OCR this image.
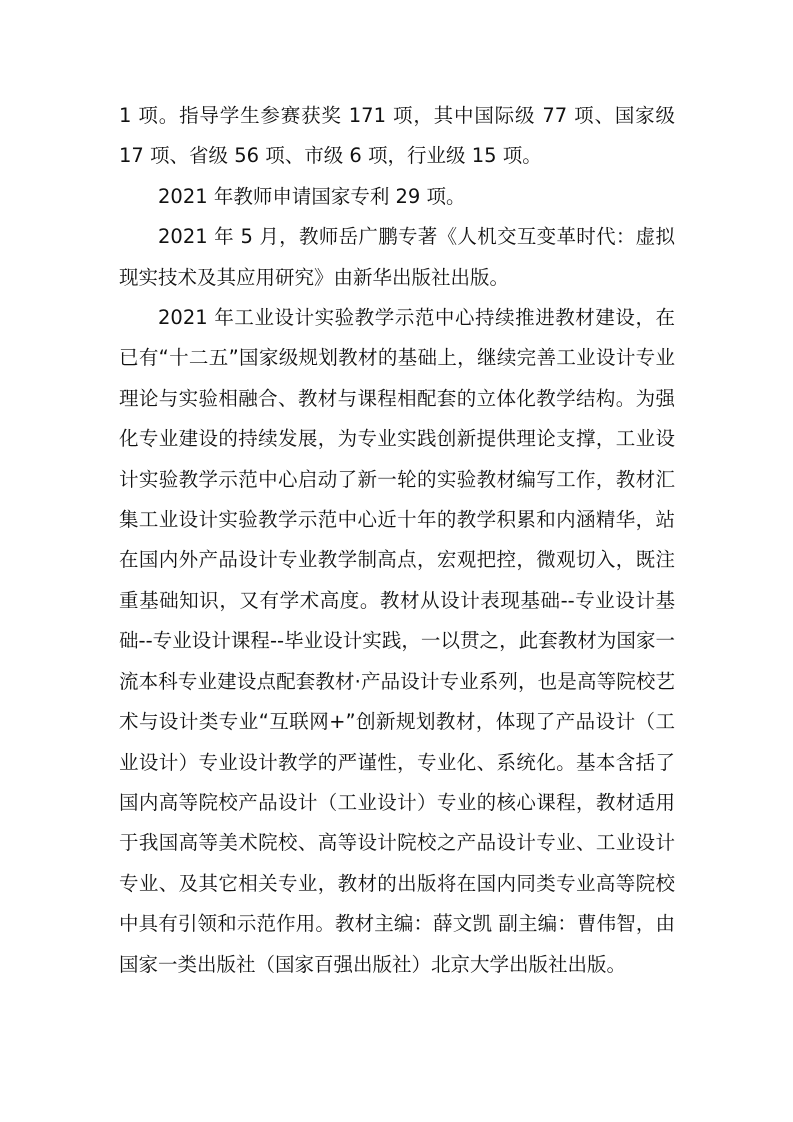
1 项。指导学生参赛获奖 171 项，其中国际级 77 项、国家级 17 项、省级 56 项、市级 6 项，行业级 15 项。

2021 年教师申请国家专利 29 项。

2021 年 5 月，教师岳广鹏专著《人机交互变革时代：虚拟现实技术及其应用研究》由新华出版社出版。

2021 年工业设计实验教学示范中心持续推进教材建设，在已有“十二五”国家级规划教材的基础上，继续完善工业设计专业理论与实验相融合、教材与课程相配套的立体化教学结构。为强化专业建设的持续发展，为专业实践创新提供理论支撑，工业设计实验教学示范中心启动了新一轮的实验教材编写工作，教材汇集工业设计实验教学示范中心近十年的教学积累和内涵精华，站在国内外产品设计专业教学制高点，宏观把控，微观切入，既注重基础知识，又有学术高度。教材从设计表现基础--专业设计基础--专业设计课程--毕业设计实践，一以贯之，此套教材为国家一流本科专业建设点配套教材·产品设计专业系列，也是高等院校艺术与设计类专业“互联网+”创新规划教材，体现了产品设计（工业设计）专业设计教学的严谨性，专业化、系统化。基本含括了国内高等院校产品设计（工业设计）专业的核心课程，教材适用于我国高等美术院校、高等设计院校之产品设计专业、工业设计专业、及其它相关专业，教材的出版将在国内同类专业高等院校中具有引领和示范作用。教材主编：薛文凯 副主编：曹伟智，由国家一类出版社（国家百强出版社）北京大学出版社出版。
